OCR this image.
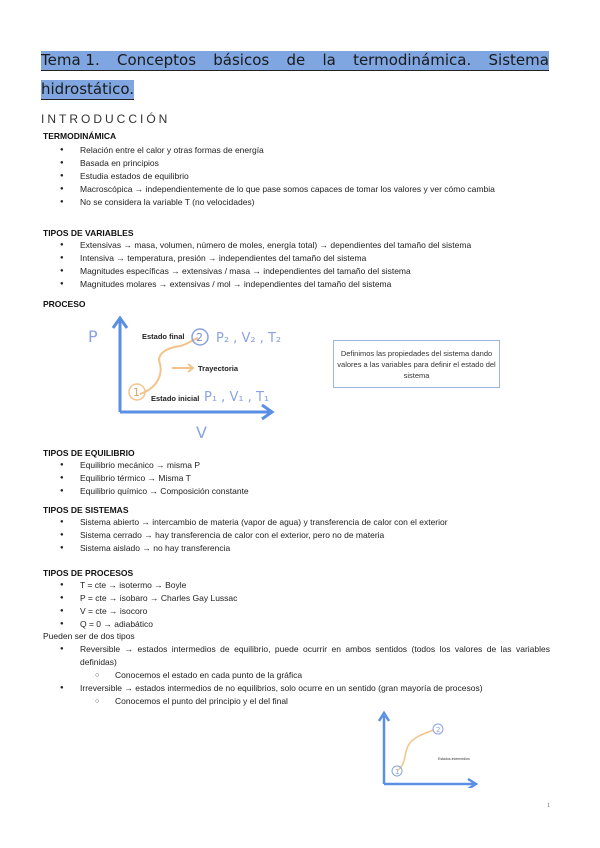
Tema 1. Conceptos básicos de la termodinámica. Sistema
hidrostático.
INTRODUCCIÓN
TERMODINÁMICA
● Relación entre el calor y otras formas de energía
● Basada en principios
● Estudia estados de equilibrio
● Macroscópica → independientemente de lo que pase somos capaces de tomar los valores y ver cómo cambia
● No se considera la variable T (no velocidades)
TIPOS DE VARIABLES
● Extensivas → masa, volumen, número de moles, energía total) → dependientes del tamaño del sistema
● Intensiva → temperatura, presión → independientes del tamaño del sistema
● Magnitudes específicas → extensivas / masa → independientes del tamaño del sistema
● Magnitudes molares → extensivas / mol → independientes del tamaño del sistema
PROCESO
2
1
Estado final
Trayectoria
Estado inicial
P₂ , V₂ , T₂
P₁ , V₁ , T₁
P
V
Definimos las propiedades del sistema dando valores a las variables para definir el estado del sistema
TIPOS DE EQUILIBRIO
● Equilibrio mecánico → misma P
● Equilibrio térmico → Misma T
● Equilibrio químico → Composición constante
TIPOS DE SISTEMAS
● Sistema abierto → intercambio de materia (vapor de agua) y transferencia de calor con el exterior
● Sistema cerrado → hay transferencia de calor con el exterior, pero no de materia
● Sistema aislado → no hay transferencia
TIPOS DE PROCESOS
● T = cte → isotermo → Boyle
● P = cte → isobaro → Charles Gay Lussac
● V = cte → isocoro
● Q = 0 → adiabático
Pueden ser de dos tipos
● Reversible → estados intermedios de equilibrio, puede ocurrir en ambos sentidos (todos los valores de las variables definidas)
○ Conocemos el estado en cada punto de la gráfica
● Irreversible → estados intermedios de no equilibrios, solo ocurre en un sentido (gran mayoría de procesos)
○ Conocemos el punto del principio y el del final
1
2
Estados intermedios
1
